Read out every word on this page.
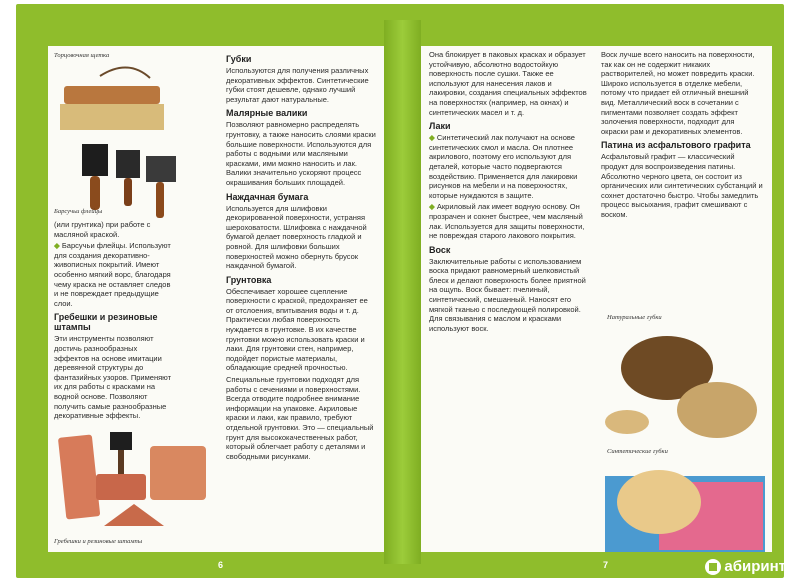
Торцовочная щетка
Барсучьи флейцы

(или грунтика) при работе с масляной краской.

◆ Барсучьи флейцы. Используют для создания декоративно-живописных покрытий. Имеют особенно мягкий ворс, благодаря чему краска не оставляет следов и не повреждает предыдущие слои.

Гребешки и резиновые штампы

Эти инструменты позволяют достичь разнообразных эффектов на основе имитации деревянной структуры до фантазийных узоров. Применяют их для работы с красками на водной основе. Позволяют получить самые разнообразные декоративные эффекты.

Гребешки и резиновые штампы
Губки

Используются для получения различных декоративных эффектов. Синтетические губки стоят дешевле, однако лучший результат дают натуральные.

Малярные валики

Позволяют равномерно распределять грунтовку, а также наносить слоями краски большие поверхности. Используются для работы с водными или масляными красками, ими можно наносить и лак. Валики значительно ускоряют процесс окрашивания больших площадей.

Наждачная бумага

Используется для шлифовки декорированной поверхности, устраняя шероховатости. Шлифовка с наждачной бумагой делает поверхность гладкой и ровной. Для шлифовки больших поверхностей можно обернуть брусок наждачной бумагой.

Грунтовка

Обеспечивает хорошее сцепление поверхности с краской, предохраняет ее от отслоения, впитывания воды и т. д. Практически любая поверхность нуждается в грунтовке. В их качестве грунтовки можно использовать краски и лаки. Для грунтовки стен, например, подойдет пористые материалы, обладающие средней прочностью.

Специальные грунтовки подходят для работы с сечениями и поверхностями. Всегда отводите подробнее внимание информации на упаковке. Акриловые краски и лаки, как правило, требуют отдельной грунтовки. Это — специальный грунт для высококачественных работ, который облегчает работу с деталями и свободными рисунками.

Она блокирует в паковых красках и образует устойчивую, абсолютно водостойкую поверхность после сушки. Также ее используют для нанесения лаков и лакировки, создания специальных эффектов на поверхностях (например, на окнах) и синтетических масел и т. д.

Лаки

◆ Синтетический лак получают на основе синтетических смол и масла. Он плотнее акрилового, поэтому его используют для деталей, которые часто подвергаются воздействию. Применяется для лакировки рисунков на мебели и на поверхностях, которые нуждаются в защите.

◆ Акриловый лак имеет водную основу. Он прозрачен и сохнет быстрее, чем масляный лак. Используется для защиты поверхности, не повреждая старого лакового покрытия.

Воск

Заключительные работы с использованием воска придают равномерный шелковистый блеск и делают поверхность более приятной на ощупь. Воск бывает: пчелиный, синтетический, смешанный. Наносят его мягкой тканью с последующей полировкой. Для связывания с маслом и красками используют воск.

Воск лучше всего наносить на поверхности, так как он не содержит никаких растворителей, но может повредить краски. Широко используется в отделке мебели, потому что придает ей отличный внешний вид. Металлический воск в сочетании с пигментами позволяет создать эффект золочения поверхности, подходит для окраски рам и декоративных элементов.

Патина из асфальтового графита

Асфальтовый графит — классический продукт для воспроизведения патины. Абсолютно черного цвета, он состоит из органических или синтетических субстанций и сохнет достаточно быстро. Чтобы замедлить процесс высыхания, графит смешивают с воском.

Натуральные губки
Синтетические губки
6	7	абиринт
